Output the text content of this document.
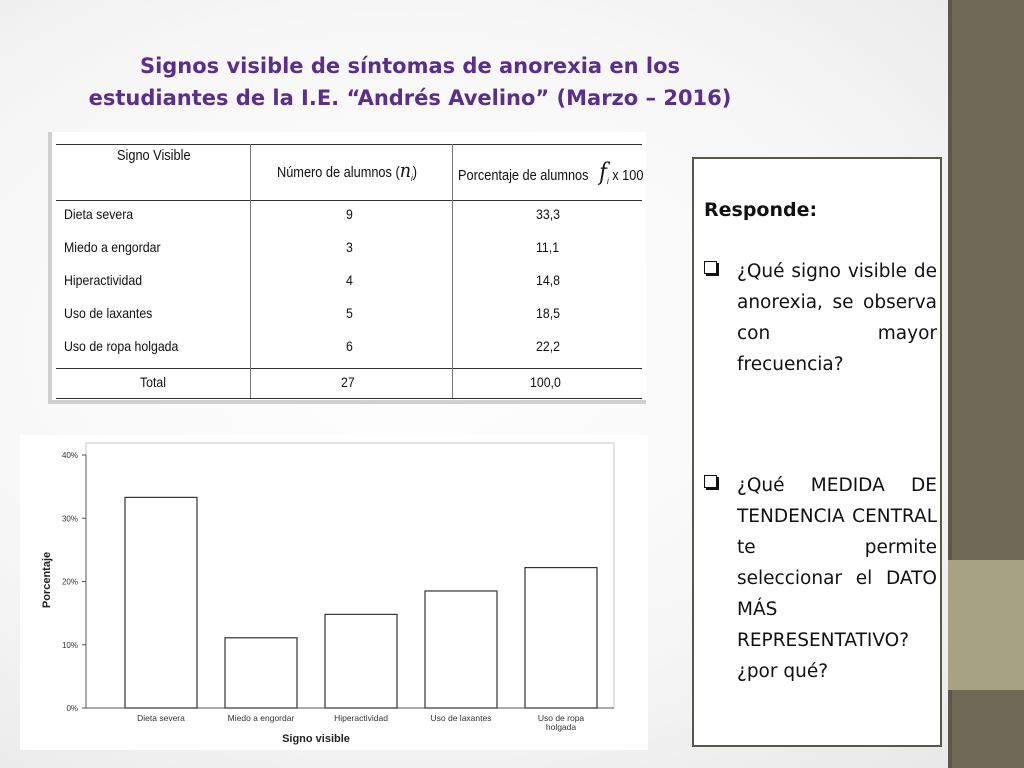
Signos visible de síntomas de anorexia en los
estudiantes de la I.E. “Andrés Avelino” (Marzo – 2016)
Signo Visible
Número de alumnos $(n_i)$	Porcentaje de alumnos $f_i$ x 100
Dieta severa	9	33,3
Miedo a engordar	3	11,1
Hiperactividad	4	14,8
Uso de laxantes	5	18,5
Uso de ropa holgada	6	22,2
Total	27	100,0
0%
10%
20%
30%
40%
Dieta severa	Miedo a engordar	Hiperactividad	Uso de laxantes	Uso de ropa
holgada
Signo visible
Porcentaje
Responde:
¿Qué signo visible de anorexia, se observa con mayor frecuencia?
¿Qué MEDIDA DE TENDENCIA CENTRAL te permite seleccionar el DATO MÁS REPRESENTATIVO? ¿por qué?
